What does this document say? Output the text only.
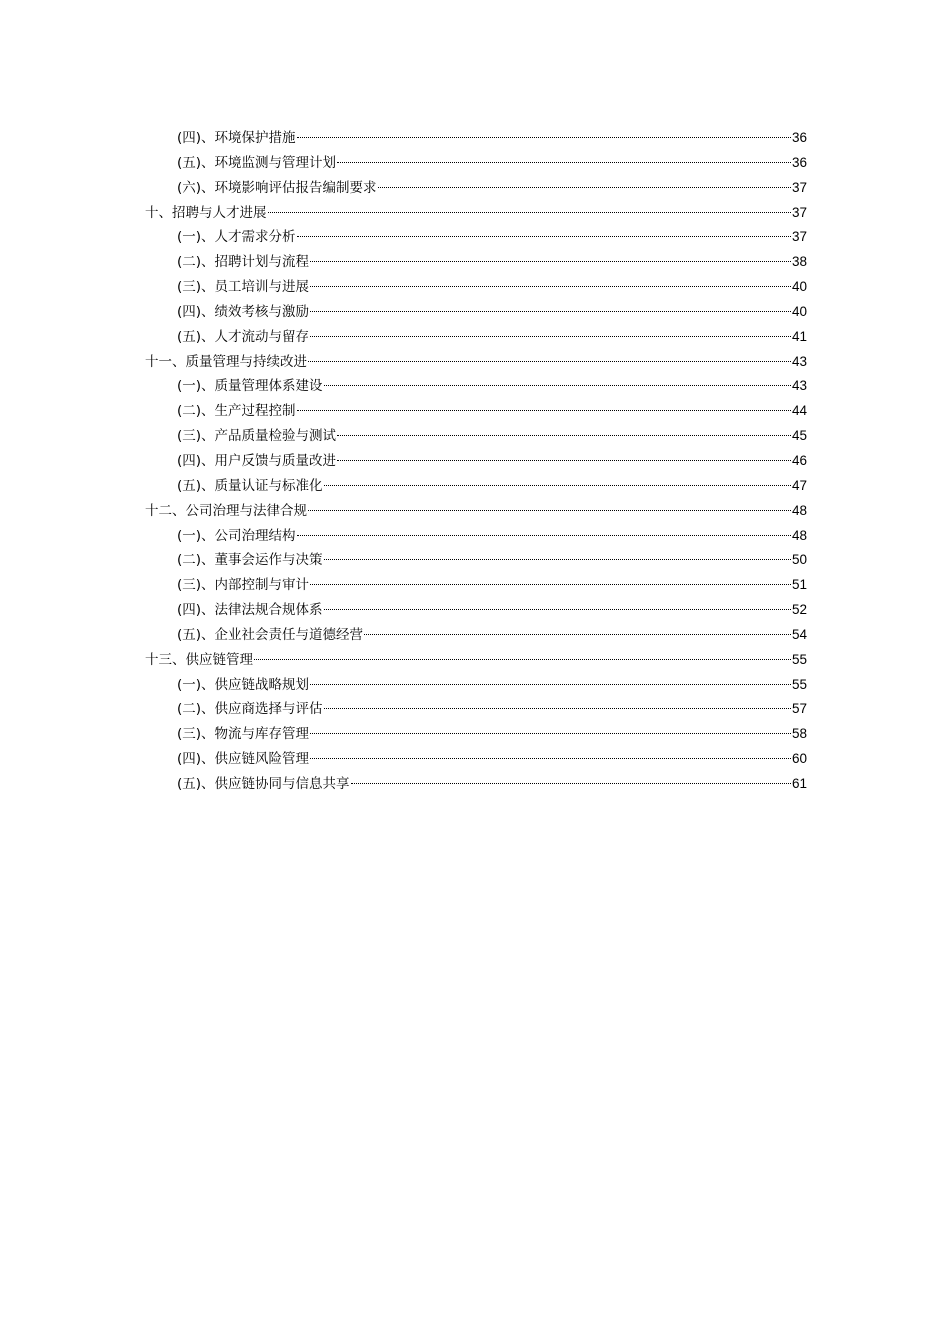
(四)、环境保护措施	36
(五)、环境监测与管理计划	36
(六)、环境影响评估报告编制要求	37
十、招聘与人才进展	37
(一)、人才需求分析	37
(二)、招聘计划与流程	38
(三)、员工培训与进展	40
(四)、绩效考核与激励	40
(五)、人才流动与留存	41
十一、质量管理与持续改进	43
(一)、质量管理体系建设	43
(二)、生产过程控制	44
(三)、产品质量检验与测试	45
(四)、用户反馈与质量改进	46
(五)、质量认证与标准化	47
十二、公司治理与法律合规	48
(一)、公司治理结构	48
(二)、董事会运作与决策	50
(三)、内部控制与审计	51
(四)、法律法规合规体系	52
(五)、企业社会责任与道德经营	54
十三、供应链管理	55
(一)、供应链战略规划	55
(二)、供应商选择与评估	57
(三)、物流与库存管理	58
(四)、供应链风险管理	60
(五)、供应链协同与信息共享	61
